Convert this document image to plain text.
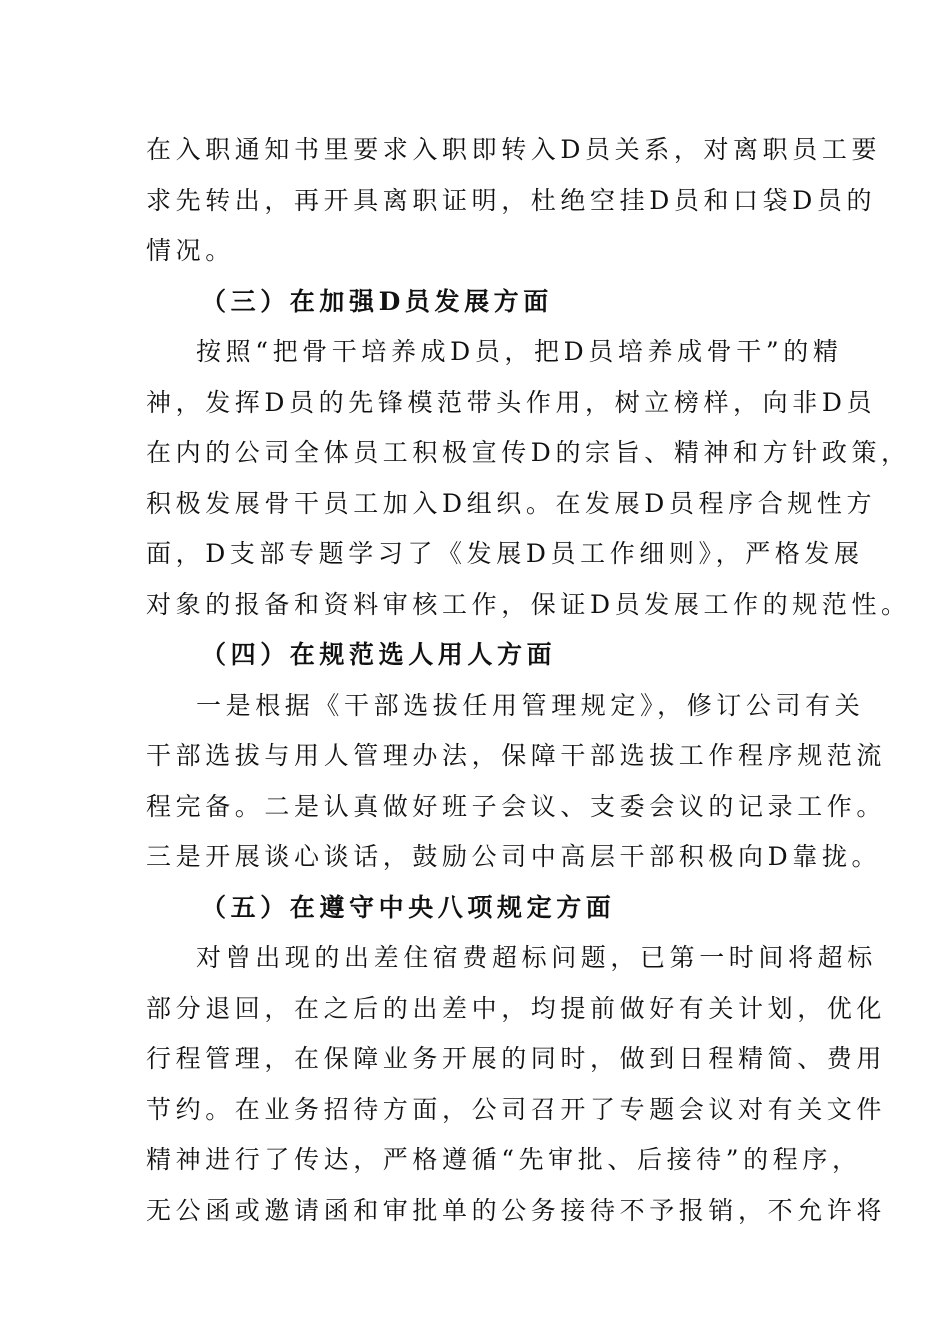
在入职通知书里要求入职即转入D员关系，对离职员工要
求先转出，再开具离职证明，杜绝空挂D员和口袋D员的
情况。
（三）在加强D员发展方面
按照“把骨干培养成D员，把D员培养成骨干”的精
神，发挥D员的先锋模范带头作用，树立榜样，向非D员
在内的公司全体员工积极宣传D的宗旨、精神和方针政策，
积极发展骨干员工加入D组织。在发展D员程序合规性方
面，D支部专题学习了《发展D员工作细则》，严格发展
对象的报备和资料审核工作，保证D员发展工作的规范性。
（四）在规范选人用人方面
一是根据《干部选拔任用管理规定》，修订公司有关
干部选拔与用人管理办法，保障干部选拔工作程序规范流
程完备。二是认真做好班子会议、支委会议的记录工作。
三是开展谈心谈话，鼓励公司中高层干部积极向D靠拢。
（五）在遵守中央八项规定方面
对曾出现的出差住宿费超标问题，已第一时间将超标
部分退回，在之后的出差中，均提前做好有关计划，优化
行程管理，在保障业务开展的同时，做到日程精简、费用
节约。在业务招待方面，公司召开了专题会议对有关文件
精神进行了传达，严格遵循“先审批、后接待”的程序，
无公函或邀请函和审批单的公务接待不予报销，不允许将
